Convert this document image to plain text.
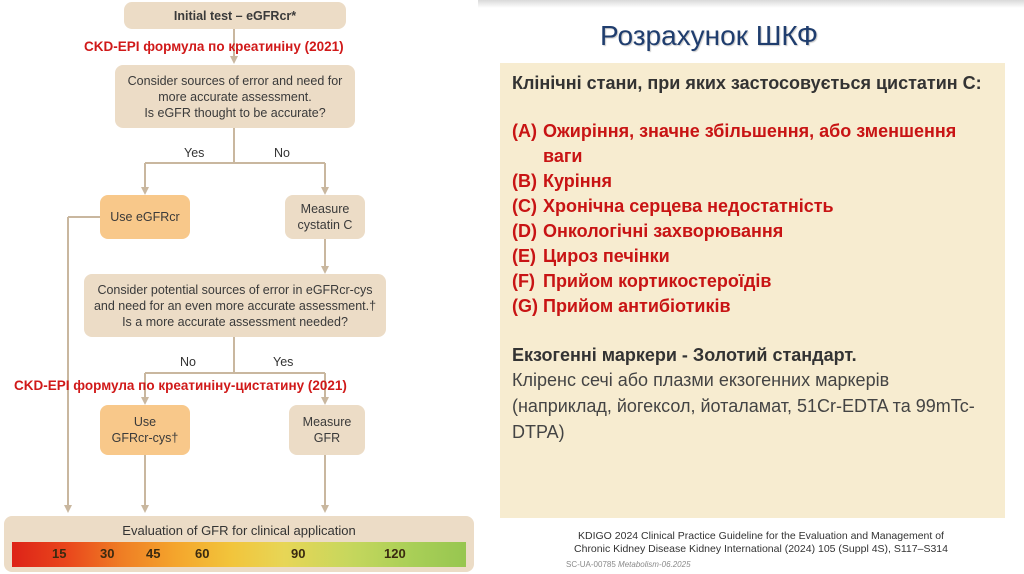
Initial test – eGFRcr*
CKD-EPI формула по креатиніну (2021)
Consider sources of error and need for
more accurate assessment.
Is eGFR thought to be accurate?
Yes	No
Use eGFRcr
Measure
cystatin C
Consider potential sources of error in eGFRcr-cys
and need for an even more accurate assessment.†
Is a more accurate assessment needed?
No	Yes
CKD-EPI формула по креатиніну-цистатину (2021)
Use
GFRcr-cys†
Measure
GFR
Evaluation of GFR for clinical application
15	30 45	60	90	120
Розрахунок ШКФ

Клінічні стани, при яких застосовується цистатин С:

(A) Ожиріння, значне збільшення, або зменшення ваги
(B) Куріння
(C) Хронічна серцева недостатність
(D) Онкологічні захворювання
(E) Цироз печінки
(F) Прийом кортикостероїдів
(G) Прийом антибіотиків
Екзогенні маркери - Золотий стандарт.
Кліренс сечі або плазми екзогенних маркерів (наприклад, йогексол, йоталамат, 51Cr-EDTA та 99mTc-DTPA)
KDIGO 2024 Clinical Practice Guideline for the Evaluation and Management of
Chronic Kidney Disease Kidney International (2024) 105 (Suppl 4S), S117–S314
SC-UA-00785 Metabolism-06.2025
